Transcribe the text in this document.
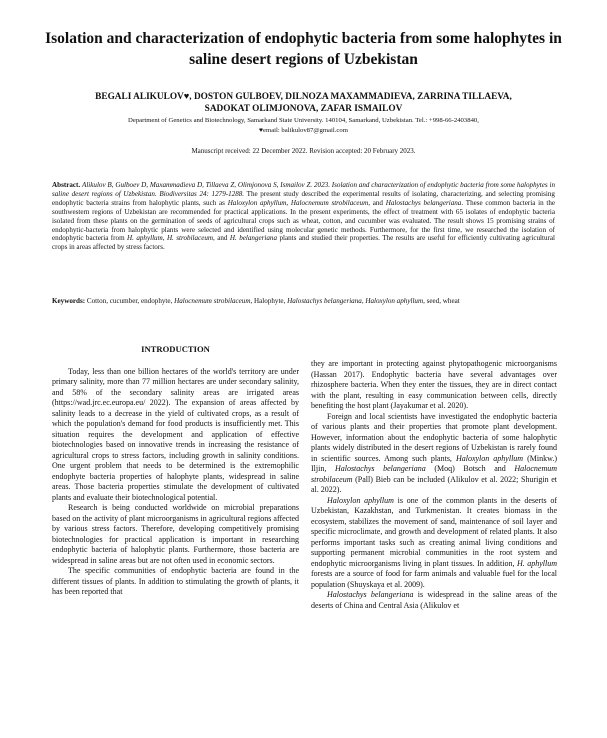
Isolation and characterization of endophytic bacteria from some halophytes in saline desert regions of Uzbekistan
BEGALI ALIKULOV♥, DOSTON GULBOEV, DILNOZA MAXAMMADIEVA, ZARRINA TILLAEVA,
SADOKAT OLIMJONOVA, ZAFAR ISMAILOV
Department of Genetics and Biotechnology, Samarkand State University. 140104, Samarkand, Uzbekistan. Tel.: +998-66-2403840,
♥email: balikulov87@gmail.com
Manuscript received: 22 December 2022. Revision accepted: 20 February 2023.
Abstract. Alikulov B, Gulboev D, Maxammadieva D, Tillaeva Z, Olimjonova S, Ismailov Z. 2023. Isolation and characterization of endophytic bacteria from some halophytes in saline desert regions of Uzbekistan. Biodiversitas 24: 1279-1288. The present study described the experimental results of isolating, characterizing, and selecting promising endophytic bacteria strains from halophytic plants, such as Haloxylon aphyllum, Halocnemum strobilaceum, and Halostachys belangeriana. These common bacteria in the southwestern regions of Uzbekistan are recommended for practical applications. In the present experiments, the effect of treatment with 65 isolates of endophytic bacteria isolated from these plants on the germination of seeds of agricultural crops such as wheat, cotton, and cucumber was evaluated. The result shows 15 promising strains of endophytic-bacteria from halophytic plants were selected and identified using molecular genetic methods. Furthermore, for the first time, we researched the isolation of endophytic bacteria from H. aphyllum, H. strobilaceum, and H. belangeriana plants and studied their properties. The results are useful for efficiently cultivating agricultural crops in areas affected by stress factors.
Keywords: Cotton, cucumber, endophyte, Halocnemum strobilaceum, Halophyte, Halostachys belangeriana, Haloxylon aphyllum, seed, wheat
INTRODUCTION

Today, less than one billion hectares of the world's territory are under primary salinity, more than 77 million hectares are under secondary salinity, and 58% of the secondary salinity areas are irrigated areas (https://wad.jrc.ec.europa.eu/ 2022). The expansion of areas affected by salinity leads to a decrease in the yield of cultivated crops, as a result of which the population's demand for food products is insufficiently met. This situation requires the development and application of effective biotechnologies based on innovative trends in increasing the resistance of agricultural crops to stress factors, including growth in salinity conditions. One urgent problem that needs to be determined is the extremophilic endophyte bacteria properties of halophyte plants, widespread in saline areas. Those bacteria properties stimulate the development of cultivated plants and evaluate their biotechnological potential.

Research is being conducted worldwide on microbial preparations based on the activity of plant microorganisms in agricultural regions affected by various stress factors. Therefore, developing competitively promising biotechnologies for practical application is important in researching endophytic bacteria of halophytic plants. Furthermore, those bacteria are widespread in saline areas but are not often used in economic sectors.

The specific communities of endophytic bacteria are found in the different tissues of plants. In addition to stimulating the growth of plants, it has been reported that

they are important in protecting against phytopathogenic microorganisms (Hassan 2017). Endophytic bacteria have several advantages over rhizosphere bacteria. When they enter the tissues, they are in direct contact with the plant, resulting in easy communication between cells, directly benefiting the host plant (Jayakumar et al. 2020).

Foreign and local scientists have investigated the endophytic bacteria of various plants and their properties that promote plant development. However, information about the endophytic bacteria of some halophytic plants widely distributed in the desert regions of Uzbekistan is rarely found in scientific sources. Among such plants, Haloxylon aphyllum (Minkw.) Iljin, Halostachys belangeriana (Moq) Botsch and Halocnemum strobilaceum (Pall) Bieb can be included (Alikulov et al. 2022; Shurigin et al. 2022).

Haloxylon aphyllum is one of the common plants in the deserts of Uzbekistan, Kazakhstan, and Turkmenistan. It creates biomass in the ecosystem, stabilizes the movement of sand, maintenance of soil layer and specific microclimate, and growth and development of related plants. It also performs important tasks such as creating animal living conditions and supporting permanent microbial communities in the root system and endophytic microorganisms living in plant tissues. In addition, H. aphyllum forests are a source of food for farm animals and valuable fuel for the local population (Shuyskaya et al. 2009).

Halostachys belangeriana is widespread in the saline areas of the deserts of China and Central Asia (Alikulov et
